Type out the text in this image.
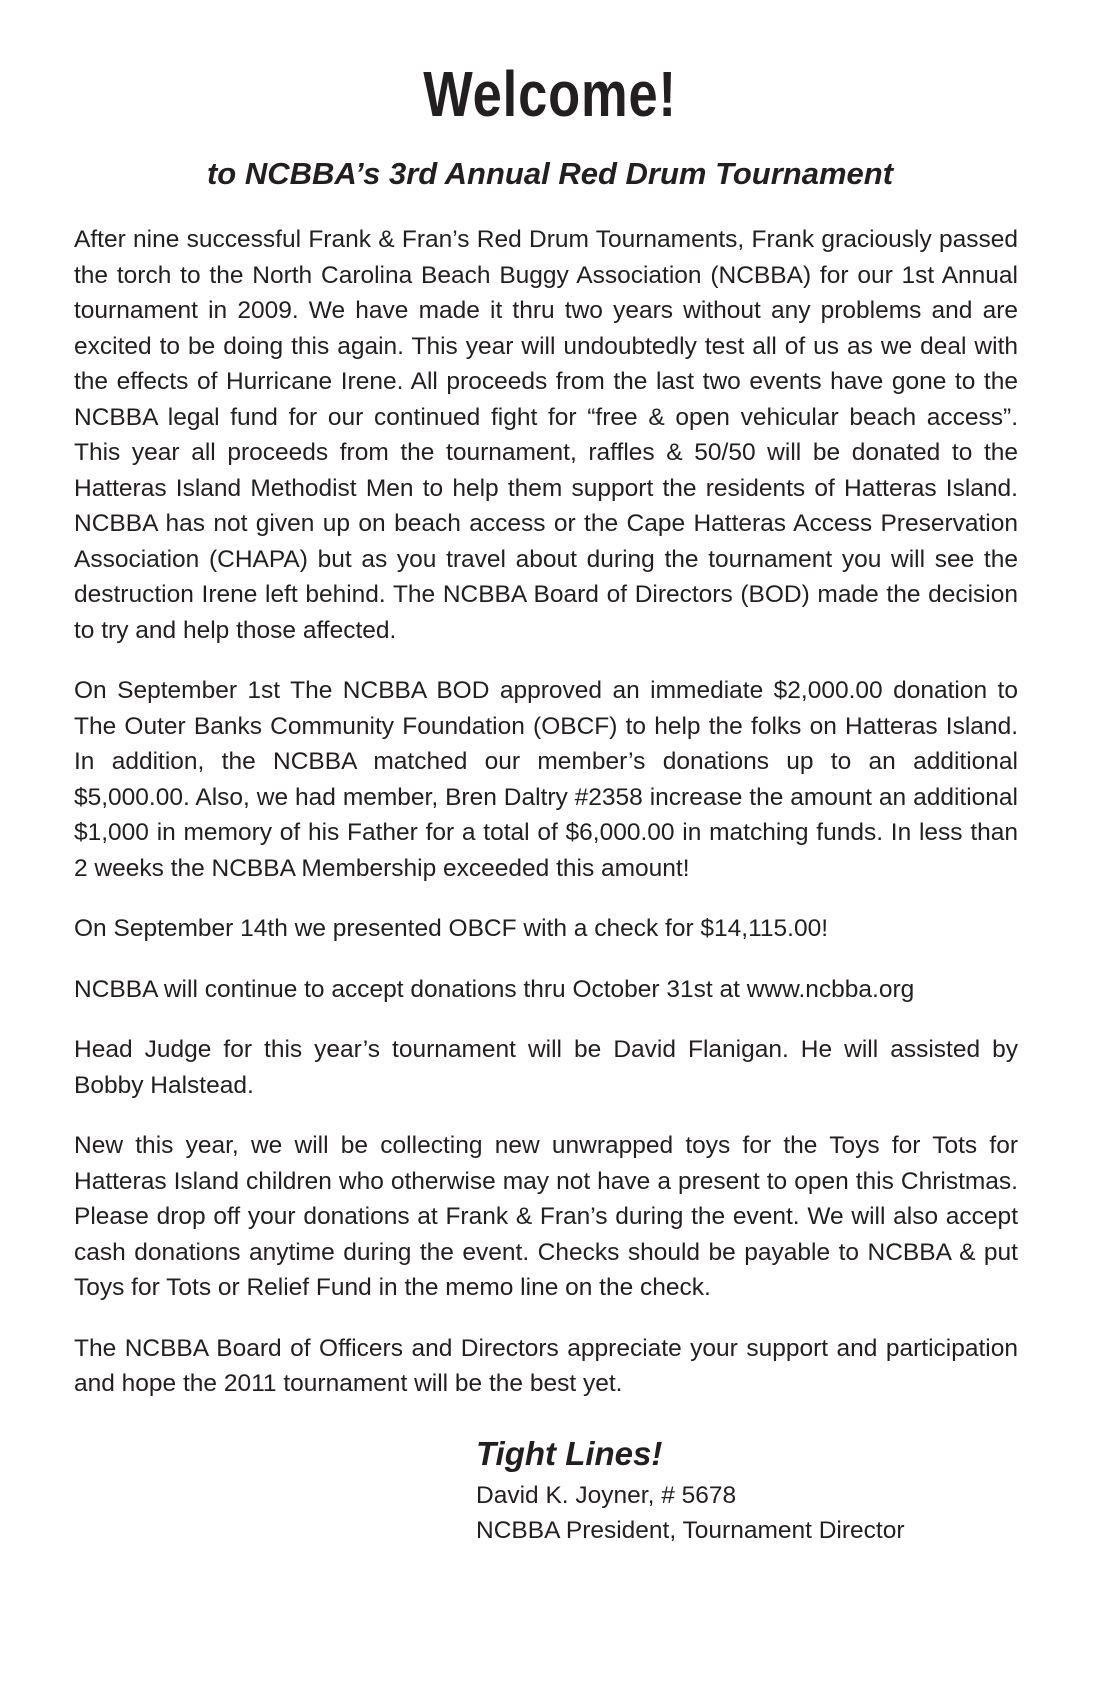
Welcome!
to NCBBA’s 3rd Annual Red Drum Tournament

After nine successful Frank & Fran’s Red Drum Tournaments, Frank graciously passed the torch to the North Carolina Beach Buggy Association (NCBBA) for our 1st Annual tournament in 2009. We have made it thru two years without any problems and are excited to be doing this again. This year will undoubtedly test all of us as we deal with the effects of Hurricane Irene. All proceeds from the last two events have gone to the NCBBA legal fund for our continued fight for “free & open vehicular beach access”. This year all proceeds from the tournament, raffles & 50/50 will be donated to the Hatteras Island Methodist Men to help them support the residents of Hatteras Island. NCBBA has not given up on beach access or the Cape Hatteras Access Preservation Association (CHAPA) but as you travel about during the tournament you will see the destruction Irene left behind. The NCBBA Board of Directors (BOD) made the decision to try and help those affected.

On September 1st The NCBBA BOD approved an immediate $2,000.00 donation to The Outer Banks Community Foundation (OBCF) to help the folks on Hatteras Island. In addition, the NCBBA matched our member’s donations up to an additional $5,000.00. Also, we had member, Bren Daltry #2358 increase the amount an additional $1,000 in memory of his Father for a total of $6,000.00 in matching funds. In less than 2 weeks the NCBBA Membership exceeded this amount!

On September 14th we presented OBCF with a check for $14,115.00!

NCBBA will continue to accept donations thru October 31st at www.ncbba.org

Head Judge for this year’s tournament will be David Flanigan. He will assisted by Bobby Halstead.

New this year, we will be collecting new unwrapped toys for the Toys for Tots for Hatteras Island children who otherwise may not have a present to open this Christmas. Please drop off your donations at Frank & Fran’s during the event. We will also accept cash donations anytime during the event. Checks should be payable to NCBBA & put Toys for Tots or Relief Fund in the memo line on the check.

The NCBBA Board of Officers and Directors appreciate your support and participation and hope the 2011 tournament will be the best yet.

Tight Lines!
David K. Joyner, # 5678
NCBBA President, Tournament Director
